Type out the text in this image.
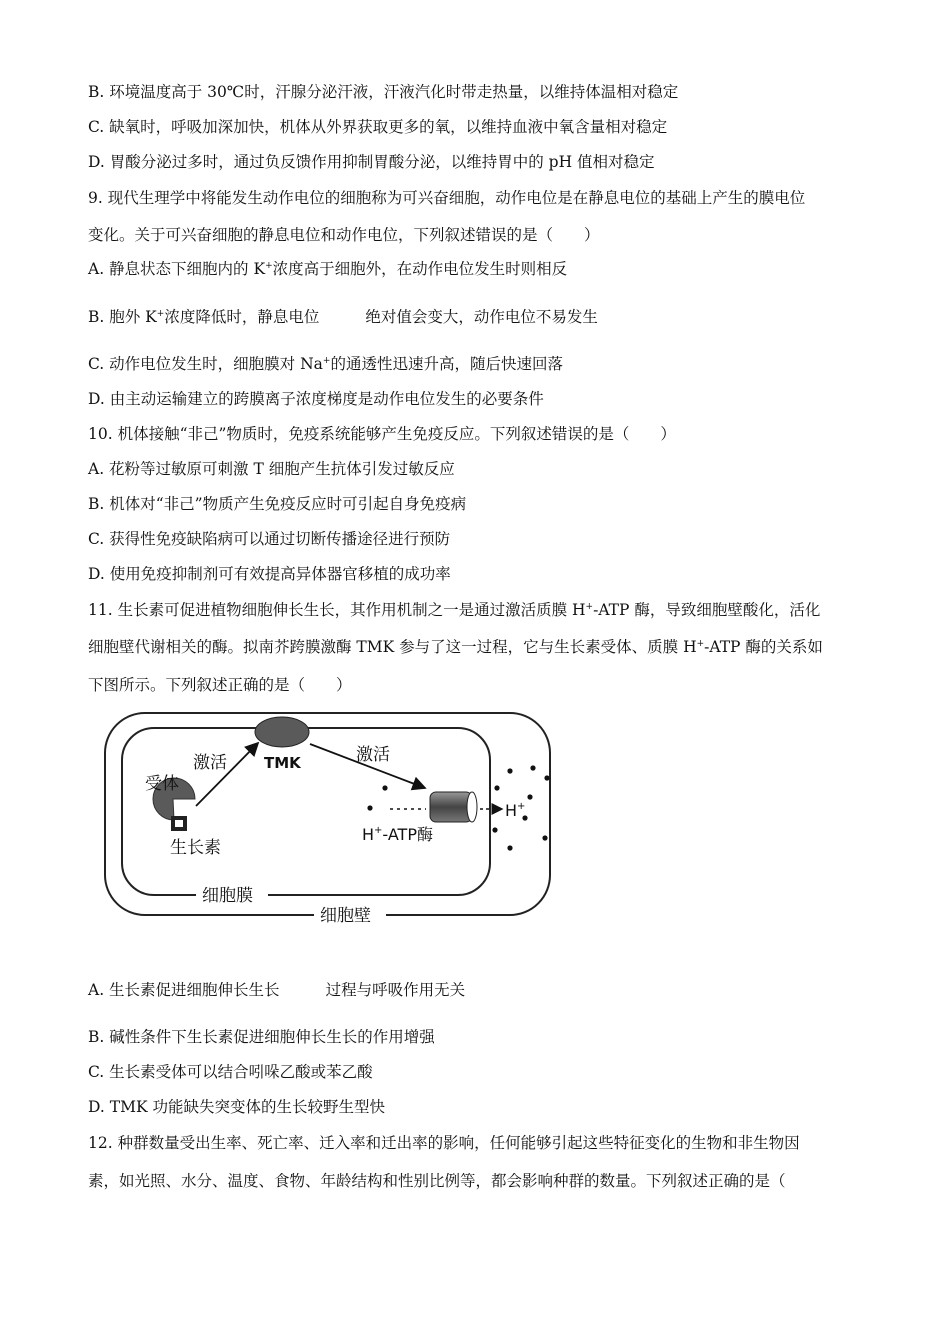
B. 环境温度高于 30℃时，汗腺分泌汗液，汗液汽化时带走热量，以维持体温相对稳定
C. 缺氧时，呼吸加深加快，机体从外界获取更多的氧，以维持血液中氧含量相对稳定
D. 胃酸分泌过多时，通过负反馈作用抑制胃酸分泌，以维持胃中的 pH 值相对稳定
9. 现代生理学中将能发生动作电位的细胞称为可兴奋细胞，动作电位是在静息电位的基础上产生的膜电位
变化。关于可兴奋细胞的静息电位和动作电位，下列叙述错误的是（　　）
A. 静息状态下细胞内的 K+浓度高于细胞外，在动作电位发生时则相反
B. 胞外 K+浓度降低时，静息电位	绝对值会变大，动作电位不易发生
C. 动作电位发生时，细胞膜对 Na+的通透性迅速升高，随后快速回落
D. 由主动运输建立的跨膜离子浓度梯度是动作电位发生的必要条件
10. 机体接触“非己”物质时，免疫系统能够产生免疫反应。下列叙述错误的是（　　）
A. 花粉等过敏原可刺激 T 细胞产生抗体引发过敏反应
B. 机体对“非己”物质产生免疫反应时可引起自身免疫病
C. 获得性免疫缺陷病可以通过切断传播途径进行预防
D. 使用免疫抑制剂可有效提高异体器官移植的成功率
11. 生长素可促进植物细胞伸长生长，其作用机制之一是通过激活质膜 H+-ATP 酶，导致细胞壁酸化，活化
细胞壁代谢相关的酶。拟南芥跨膜激酶 TMK 参与了这一过程，它与生长素受体、质膜 H+-ATP 酶的关系如
下图所示。下列叙述正确的是（　　）
TMK
受体
生长素
激活	激活
H+-ATP酶
H+
细胞膜
细胞壁
A. 生长素促进细胞伸长生长	过程与呼吸作用无关
B. 碱性条件下生长素促进细胞伸长生长的作用增强
C. 生长素受体可以结合吲哚乙酸或苯乙酸
D. TMK 功能缺失突变体的生长较野生型快
12. 种群数量受出生率、死亡率、迁入率和迁出率的影响，任何能够引起这些特征变化的生物和非生物因
素，如光照、水分、温度、食物、年龄结构和性别比例等，都会影响种群的数量。下列叙述正确的是（
